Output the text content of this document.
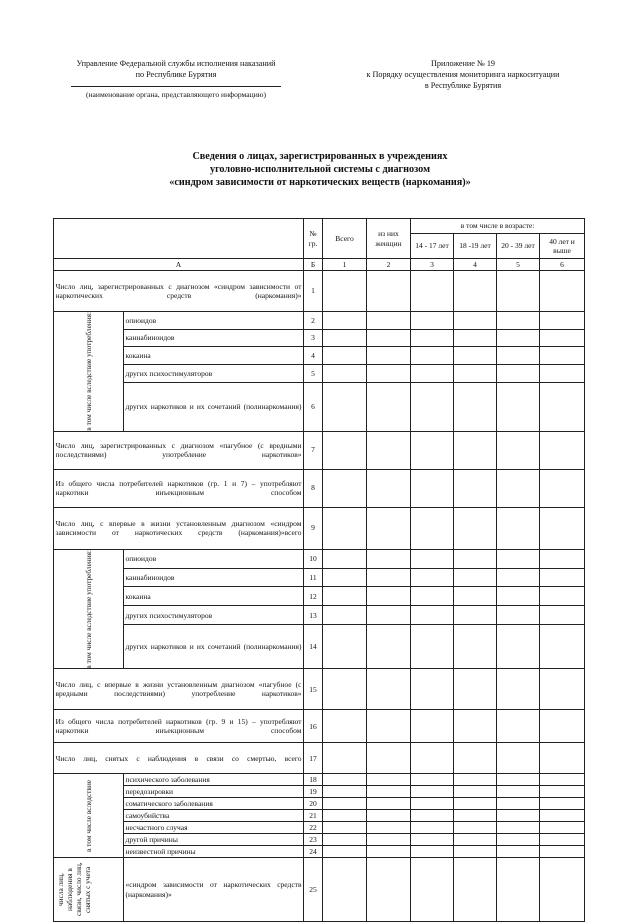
Управление Федеральной службы исполнения наказаний
по Республике Бурятия
(наименование органа, представляющего информацию)
Приложение № 19
к Порядку осуществления мониторинга наркоситуации
в Республике Бурятия
Сведения о лицах, зарегистрированных в учреждениях
уголовно-исполнительной системы с диагнозом
«синдром зависимости от наркотических веществ (наркомания)»
		№ гр.	Всего	из них женщин	в том числе в возрасте:			
					14 - 17 лет	18 -19 лет	20 - 39 лет	40 лет и выше
А		Б	1	2	3	4	5	6
Число лиц, зарегистрированных с диагнозом «синдром зависимости от наркотических средств (наркомания)»		1						

в том числе вследствие употребления:	опиоидов	2						
	каннабиноидов	3						
	кокаина	4						
	других психостимуляторов	5						
	других наркотиков и их сочетаний (полинаркомания)	6						
Число лиц, зарегистрированных с диагнозом «пагубное (с вредными последствиями) употребление наркотиков»		7						
Из общего числа потребителей наркотиков (гр. 1 и 7) – употребляют наркотики инъекционным способом		8						
Число лиц, с впервые в жизни установленным диагнозом «синдром зависимости от наркотических средств (наркомания)»всего		9						

в том числе вследствие употребления:	опиоидов	10						
	каннабиноидов	11						
	кокаина	12						
	других психостимуляторов	13						
	других наркотиков и их сочетаний (полинаркомания)	14						
Число лиц, с впервые в жизни установленным диагнозом «пагубное (с вредными последствиями) употребление наркотиков»		15						
Из общего числа потребителей наркотиков (гр. 9 и 15) – употребляют наркотики инъекционным способом		16						
Число лиц, снятых с наблюдения в связи со смертью, всего		17						

в том числе вследствие	психического заболевания	18						
	передозировки	19						
	соматического заболевания	20						
	самоубийства	21						
	несчастного случая	22						
	другой причины	23						
	неизвестной причины	24						

числа лиц, наблюдения в связи, число лиц, снятых с учета	«синдром зависимости от наркотических средств (наркомания)»	25						
